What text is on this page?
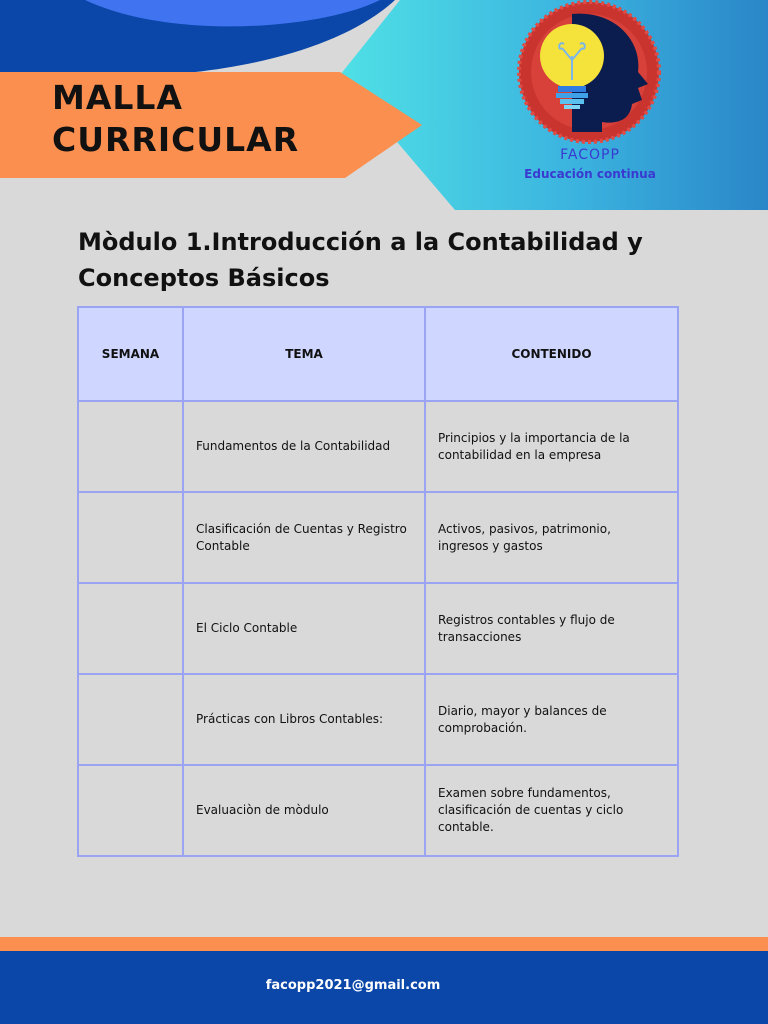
MALLA CURRICULAR	FACOPP
Educación continua
Mòdulo 1.Introducción a la Contabilidad y Conceptos Básicos
SEMANA	TEMA	CONTENIDO
	Fundamentos de la Contabilidad	Principios y la importancia de la contabilidad en la empresa
	Clasificación de Cuentas y Registro Contable	Activos, pasivos, patrimonio, ingresos y gastos
	El Ciclo Contable	Registros contables y flujo de transacciones
	Prácticas con Libros Contables:	Diario, mayor y balances de comprobación.
	Evaluaciòn de mòdulo	Examen sobre fundamentos, clasificación de cuentas y ciclo contable.
facopp2021@gmail.com
